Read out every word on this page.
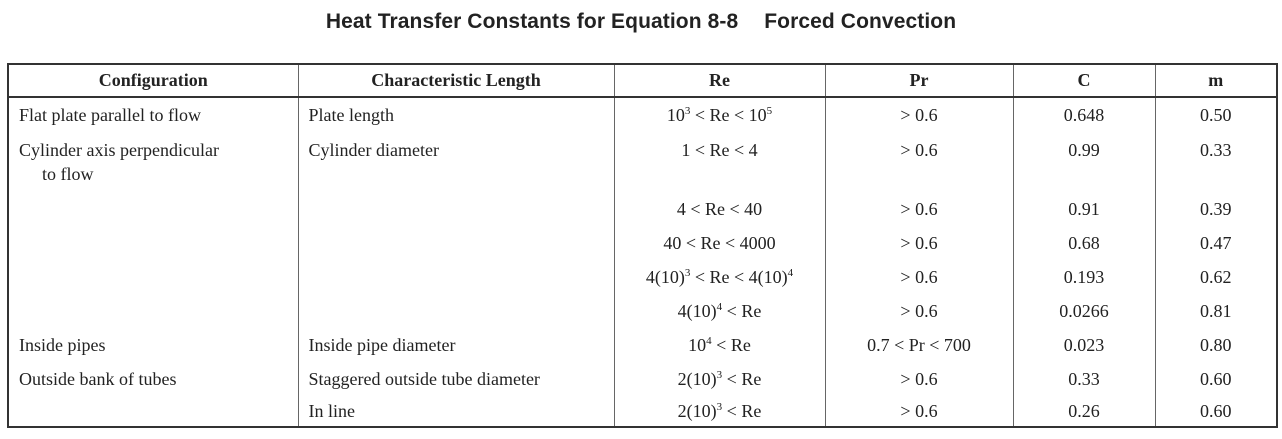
Heat Transfer Constants for Equation 8-8 Forced Convection
Configuration	Characteristic Length	Re	Pr	C	m

Flat plate parallel to flow	Plate length	$10^3 < Re < 10^5$	> 0.6	0.648	0.50

Cylinder axis perpendicular
to flow	Cylinder diameter	1 < Re < 4	> 0.6	0.99	0.33

		4 < Re < 40	> 0.6	0.91	0.39

		40 < Re < 4000	> 0.6	0.68	0.47

		$4(10)^3 < Re < 4(10)^4$	> 0.6	0.193	0.62

		$4(10)^4 < Re$	> 0.6	0.0266	0.81

Inside pipes	Inside pipe diameter	$10^4 < Re$	0.7 < Pr < 700	0.023	0.80

Outside bank of tubes	Staggered outside tube diameter	$2(10)^3 < Re$	> 0.6	0.33	0.60

	In line	$2(10)^3 < Re$	> 0.6	0.26	0.60
